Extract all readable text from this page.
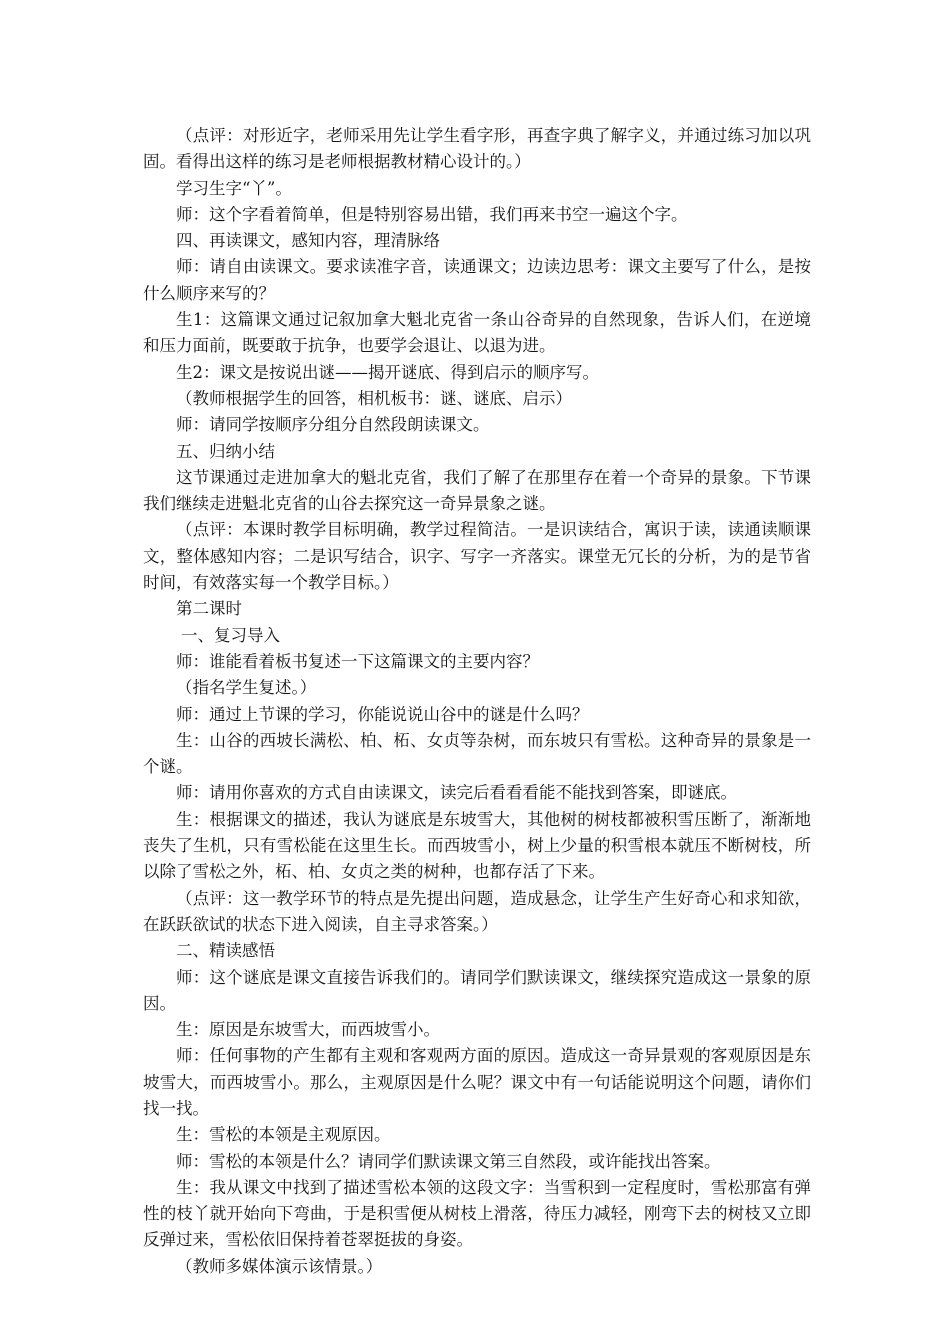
（点评：对形近字，老师采用先让学生看字形，再查字典了解字义，并通过练习加以巩固。看得出这样的练习是老师根据教材精心设计的。）

学习生字“丫”。

师：这个字看着简单，但是特别容易出错，我们再来书空一遍这个字。

四、再读课文，感知内容，理清脉络

师：请自由读课文。要求读准字音，读通课文；边读边思考：课文主要写了什么，是按什么顺序来写的？

生1：这篇课文通过记叙加拿大魁北克省一条山谷奇异的自然现象，告诉人们，在逆境和压力面前，既要敢于抗争，也要学会退让、以退为进。

生2：课文是按说出谜——揭开谜底、得到启示的顺序写。

（教师根据学生的回答，相机板书：谜、谜底、启示）

师：请同学按顺序分组分自然段朗读课文。

五、归纳小结

这节课通过走进加拿大的魁北克省，我们了解了在那里存在着一个奇异的景象。下节课我们继续走进魁北克省的山谷去探究这一奇异景象之谜。

（点评：本课时教学目标明确，教学过程简洁。一是识读结合，寓识于读，读通读顺课文，整体感知内容；二是识写结合，识字、写字一齐落实。课堂无冗长的分析，为的是节省时间，有效落实每一个教学目标。）

第二课时

一、复习导入

师：谁能看着板书复述一下这篇课文的主要内容？

（指名学生复述。）

师：通过上节课的学习，你能说说山谷中的谜是什么吗？

生：山谷的西坡长满松、柏、柘、女贞等杂树，而东坡只有雪松。这种奇异的景象是一个谜。

师：请用你喜欢的方式自由读课文，读完后看看看能不能找到答案，即谜底。

生：根据课文的描述，我认为谜底是东坡雪大，其他树的树枝都被积雪压断了，渐渐地丧失了生机，只有雪松能在这里生长。而西坡雪小，树上少量的积雪根本就压不断树枝，所以除了雪松之外，柘、柏、女贞之类的树种，也都存活了下来。

（点评：这一教学环节的特点是先提出问题，造成悬念，让学生产生好奇心和求知欲，在跃跃欲试的状态下进入阅读，自主寻求答案。）

二、精读感悟

师：这个谜底是课文直接告诉我们的。请同学们默读课文，继续探究造成这一景象的原因。

生：原因是东坡雪大，而西坡雪小。

师：任何事物的产生都有主观和客观两方面的原因。造成这一奇异景观的客观原因是东坡雪大，而西坡雪小。那么，主观原因是什么呢？课文中有一句话能说明这个问题，请你们找一找。

生：雪松的本领是主观原因。

师：雪松的本领是什么？请同学们默读课文第三自然段，或许能找出答案。

生：我从课文中找到了描述雪松本领的这段文字：当雪积到一定程度时，雪松那富有弹性的枝丫就开始向下弯曲，于是积雪便从树枝上滑落，待压力减轻，刚弯下去的树枝又立即反弹过来，雪松依旧保持着苍翠挺拔的身姿。

（教师多媒体演示该情景。）
